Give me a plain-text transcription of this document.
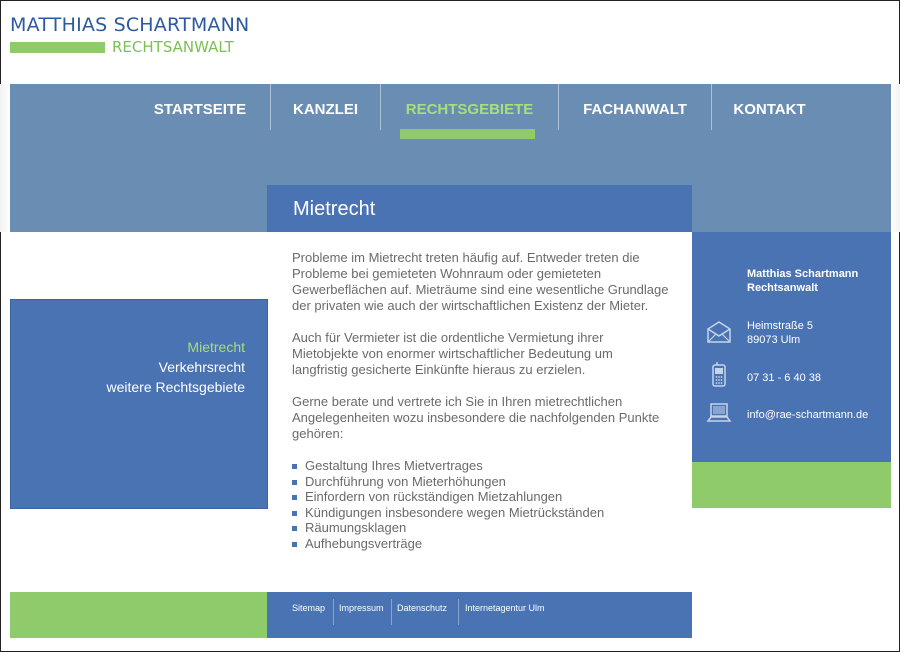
MATTHIAS SCHARTMANN
RECHTSANWALT
STARTSEITE	KANZLEI	RECHTSGEBIETE	FACHANWALT	KONTAKT
Mietrecht
Mietrecht
Verkehrsrecht
weitere Rechtsgebiete

Probleme im Mietrecht treten häufig auf. Entweder treten die Probleme bei gemieteten Wohnraum oder gemieteten Gewerbeflächen auf. Mieträume sind eine wesentliche Grundlage der privaten wie auch der wirtschaftlichen Existenz der Mieter.

Auch für Vermieter ist die ordentliche Vermietung ihrer Mietobjekte von enormer wirtschaftlicher Bedeutung um langfristig gesicherte Einkünfte hieraus zu erzielen.

Gerne berate und vertrete ich Sie in Ihren mietrechtlichen Angelegenheiten wozu insbesondere die nachfolgenden Punkte gehören:

Gestaltung Ihres Mietvertrages
Durchführung von Mieterhöhungen
Einfordern von rückständigen Mietzahlungen
Kündigungen insbesondere wegen Mietrückständen
Räumungsklagen
Aufhebungsverträge
Matthias Schartmann
Rechtsanwalt
Heimstraße 5
89073 Ulm
07 31 - 6 40 38
info@rae-schartmann.de
Sitemap Impressum Datenschutz Internetagentur Ulm
